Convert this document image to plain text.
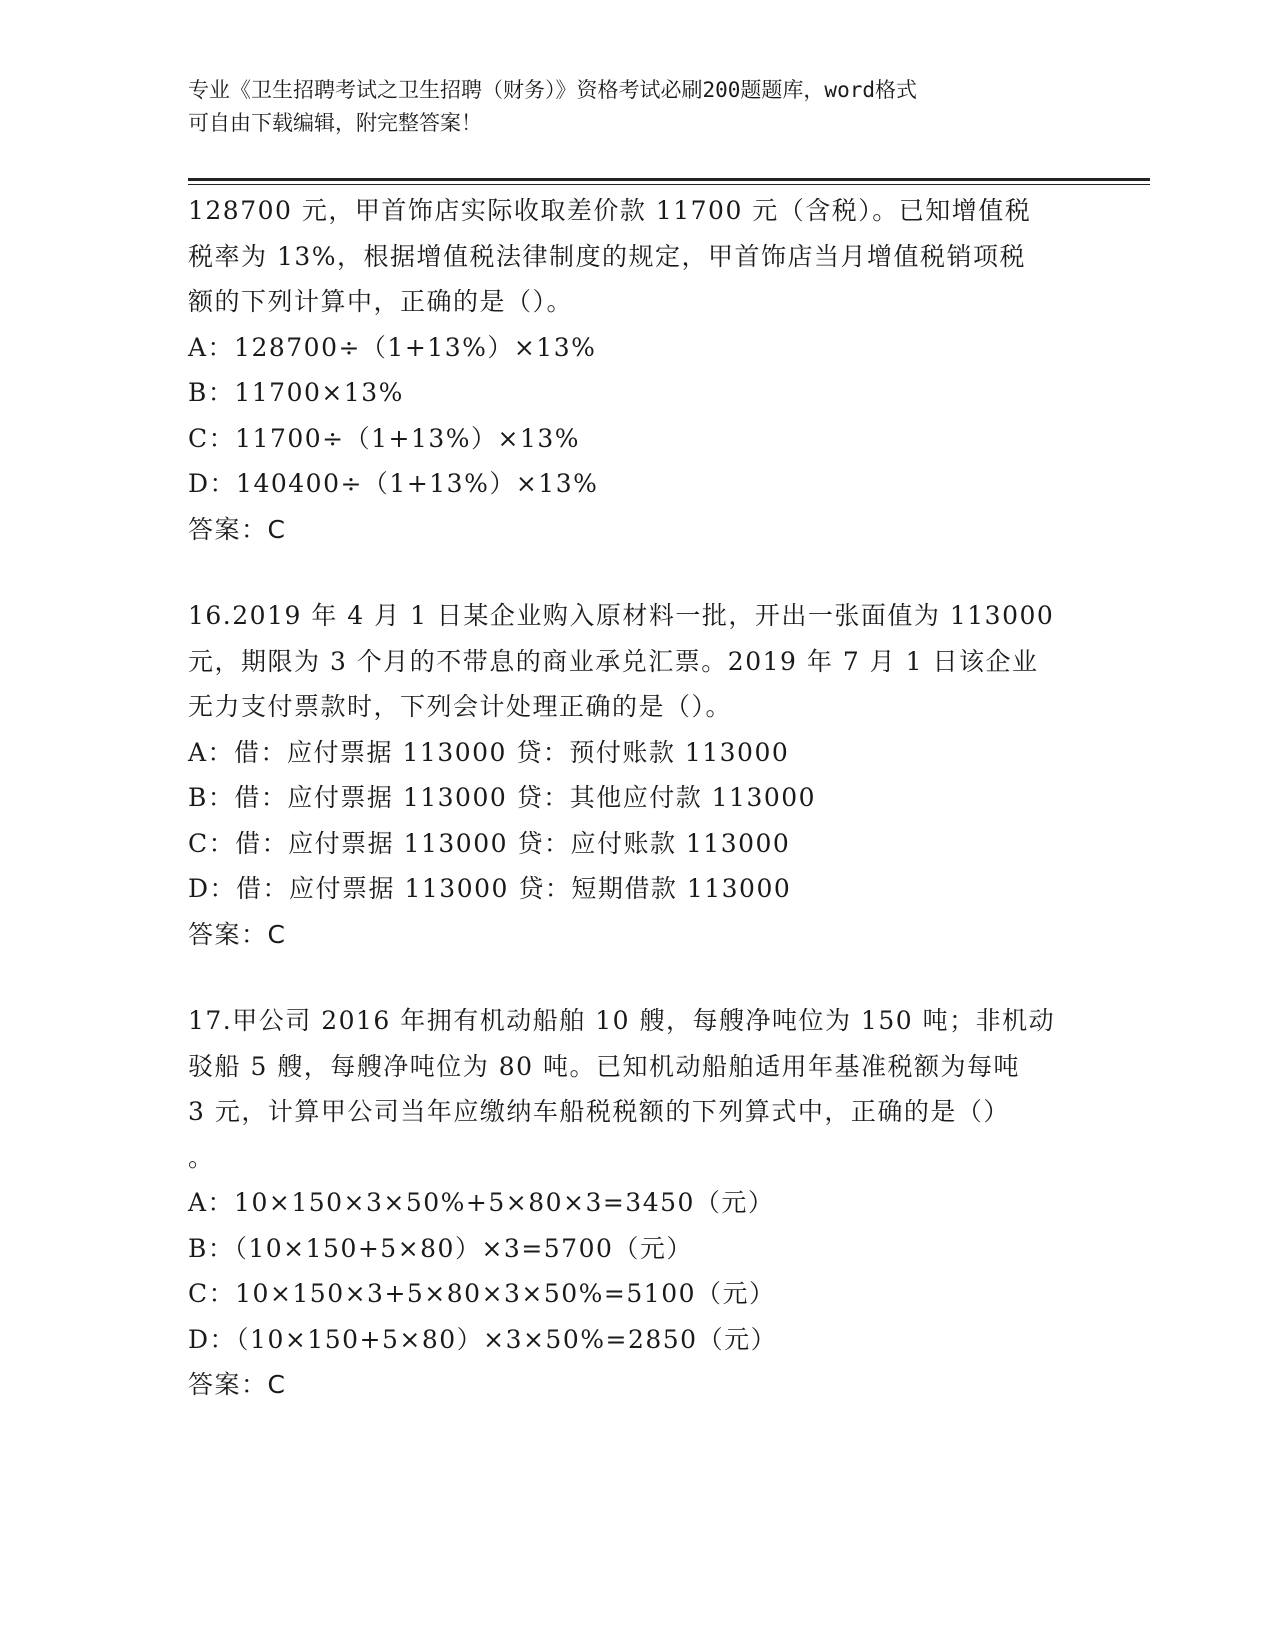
专业《卫生招聘考试之卫生招聘（财务）》资格考试必刷200题题库，word格式
可自由下载编辑，附完整答案！
128700 元，甲首饰店实际收取差价款 11700 元（含税）。已知增值税
税率为 13%，根据增值税法律制度的规定，甲首饰店当月增值税销项税
额的下列计算中，正确的是（）。
A：128700÷（1+13%）×13%
B：11700×13%
C：11700÷（1+13%）×13%
D：140400÷（1+13%）×13%
答案：C
16.2019 年 4 月 1 日某企业购入原材料一批，开出一张面值为 113000
元，期限为 3 个月的不带息的商业承兑汇票。2019 年 7 月 1 日该企业
无力支付票款时，下列会计处理正确的是（）。
A：借：应付票据 113000 贷：预付账款 113000
B：借：应付票据 113000 贷：其他应付款 113000
C：借：应付票据 113000 贷：应付账款 113000
D：借：应付票据 113000 贷：短期借款 113000
答案：C
17.甲公司 2016 年拥有机动船舶 10 艘，每艘净吨位为 150 吨；非机动
驳船 5 艘，每艘净吨位为 80 吨。已知机动船舶适用年基准税额为每吨
3 元，计算甲公司当年应缴纳车船税税额的下列算式中，正确的是（）
。
A：10×150×3×50%+5×80×3=3450（元）
B：（10×150+5×80）×3=5700（元）
C：10×150×3+5×80×3×50%=5100（元）
D：（10×150+5×80）×3×50%=2850（元）
答案：C
